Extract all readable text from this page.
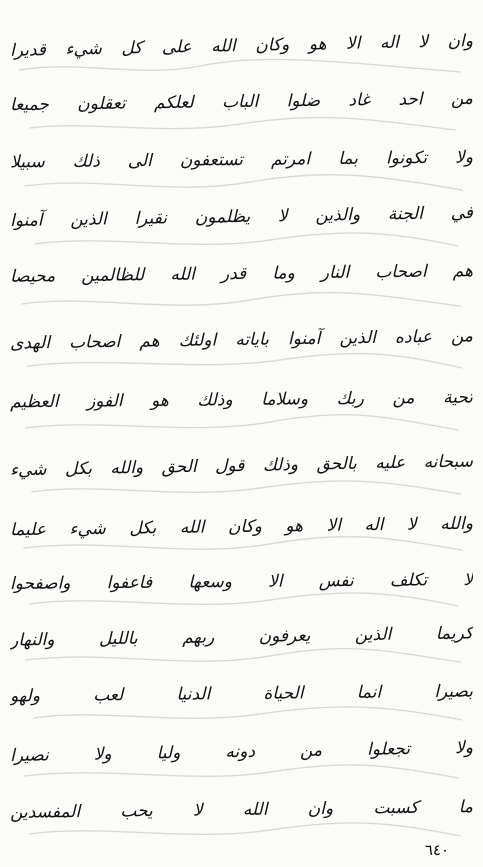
وان لا اله الا هو وكان الله على كل شيء قديرا
من احد غاد ضلوا الباب لعلكم تعقلون جميعا
ولا تكونوا بما امرتم تستعفون الى ذلك سبيلا
في الجنة والذين لا يظلمون نقيرا الذين آمنوا
هم اصحاب النار وما قدر الله للظالمين محيصا
من عباده الذين آمنوا باياته اولئك هم اصحاب الهدى
تحية من ربك وسلاما وذلك هو الفوز العظيم
سبحانه عليه بالحق وذلك قول الحق والله بكل شيء
والله لا اله الا هو وكان الله بكل شيء عليما
لا تكلف نفس الا وسعها فاعفوا واصفحوا
كريما الذين يعرفون ربهم بالليل والنهار
بصيرا انما الحياة الدنيا لعب ولهو
ولا تجعلوا من دونه وليا ولا نصيرا
ما كسبت وان الله لا يحب المفسدين
٦٤٠
